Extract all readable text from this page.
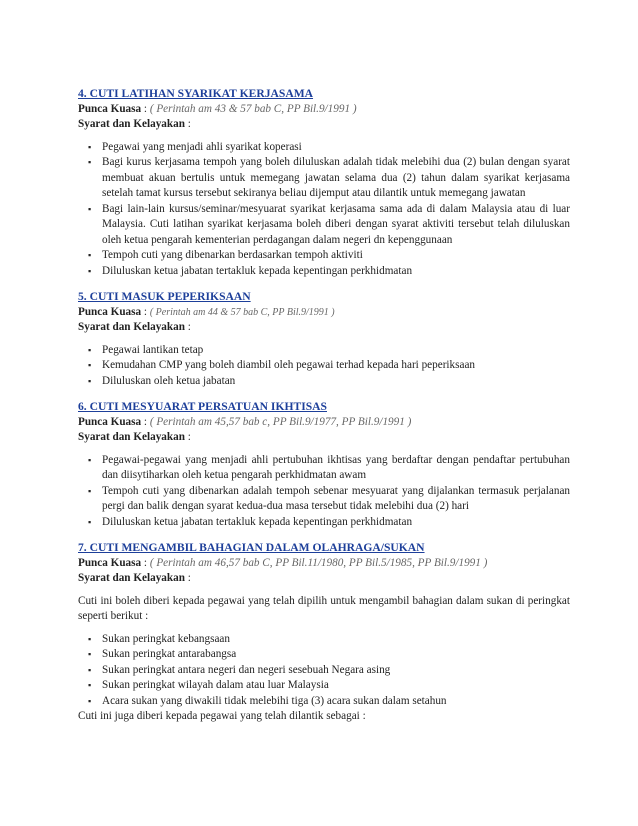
4. CUTI LATIHAN SYARIKAT KERJASAMA
Punca Kuasa : ( Perintah am 43 & 57 bab C, PP Bil.9/1991 )
Syarat dan Kelayakan :
▪ Pegawai yang menjadi ahli syarikat koperasi
▪ Bagi kurus kerjasama tempoh yang boleh diluluskan adalah tidak melebihi dua (2) bulan dengan syarat membuat akuan bertulis untuk memegang jawatan selama dua (2) tahun dalam syarikat kerjasama setelah tamat kursus tersebut sekiranya beliau dijemput atau dilantik untuk memegang jawatan
▪ Bagi lain-lain kursus/seminar/mesyuarat syarikat kerjasama sama ada di dalam Malaysia atau di luar Malaysia. Cuti latihan syarikat kerjasama boleh diberi dengan syarat aktiviti tersebut telah diluluskan oleh ketua pengarah kementerian perdagangan dalam negeri dn kepenggunaan
▪ Tempoh cuti yang dibenarkan berdasarkan tempoh aktiviti
▪ Diluluskan ketua jabatan tertakluk kepada kepentingan perkhidmatan
5. CUTI MASUK PEPERIKSAAN
Punca Kuasa : ( Perintah am 44 & 57 bab C, PP Bil.9/1991 )
Syarat dan Kelayakan :
▪ Pegawai lantikan tetap
▪ Kemudahan CMP yang boleh diambil oleh pegawai terhad kepada hari peperiksaan
▪ Diluluskan oleh ketua jabatan
6. CUTI MESYUARAT PERSATUAN IKHTISAS
Punca Kuasa : ( Perintah am 45,57 bab c, PP Bil.9/1977, PP Bil.9/1991 )
Syarat dan Kelayakan :
▪ Pegawai-pegawai yang menjadi ahli pertubuhan ikhtisas yang berdaftar dengan pendaftar pertubuhan dan diisytiharkan oleh ketua pengarah perkhidmatan awam
▪ Tempoh cuti yang dibenarkan adalah tempoh sebenar mesyuarat yang dijalankan termasuk perjalanan pergi dan balik dengan syarat kedua-dua masa tersebut tidak melebihi dua (2) hari
▪ Diluluskan ketua jabatan tertakluk kepada kepentingan perkhidmatan
7. CUTI MENGAMBIL BAHAGIAN DALAM OLAHRAGA/SUKAN
Punca Kuasa : ( Perintah am 46,57 bab C, PP Bil.11/1980, PP Bil.5/1985, PP Bil.9/1991 )
Syarat dan Kelayakan :

Cuti ini boleh diberi kepada pegawai yang telah dipilih untuk mengambil bahagian dalam sukan di peringkat seperti berikut :

▪ Sukan peringkat kebangsaan
▪ Sukan peringkat antarabangsa
▪ Sukan peringkat antara negeri dan negeri sesebuah Negara asing
▪ Sukan peringkat wilayah dalam atau luar Malaysia
▪ Acara sukan yang diwakili tidak melebihi tiga (3) acara sukan dalam setahun
Cuti ini juga diberi kepada pegawai yang telah dilantik sebagai :
